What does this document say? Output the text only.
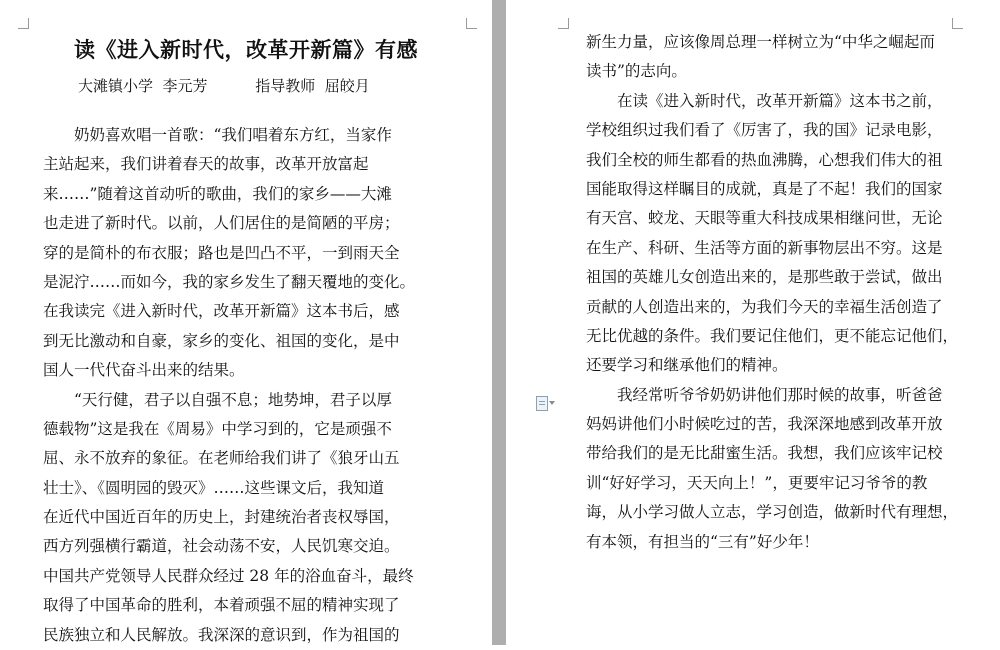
读《进入新时代，改革开新篇》有感
大滩镇小学  李元芳          指导教师  屈皎月
奶奶喜欢唱一首歌：“我们唱着东方红，当家作
主站起来，我们讲着春天的故事，改革开放富起
来……”随着这首动听的歌曲，我们的家乡——大滩
也走进了新时代。以前，人们居住的是简陋的平房；
穿的是简朴的布衣服；路也是凹凸不平，一到雨天全
是泥泞……而如今，我的家乡发生了翻天覆地的变化。
在我读完《进入新时代，改革开新篇》这本书后，感
到无比激动和自豪，家乡的变化、祖国的变化，是中
国人一代代奋斗出来的结果。
“天行健，君子以自强不息；地势坤，君子以厚
德载物”这是我在《周易》中学习到的，它是顽强不
屈、永不放弃的象征。在老师给我们讲了《狼牙山五
壮士》、《圆明园的毁灭》……这些课文后，我知道
在近代中国近百年的历史上，封建统治者丧权辱国，
西方列强横行霸道，社会动荡不安，人民饥寒交迫。
中国共产党领导人民群众经过 28 年的浴血奋斗，最终
取得了中国革命的胜利，本着顽强不屈的精神实现了
民族独立和人民解放。我深深的意识到，作为祖国的
新生力量，应该像周总理一样树立为“中华之崛起而
读书”的志向。
在读《进入新时代，改革开新篇》这本书之前，
学校组织过我们看了《厉害了，我的国》记录电影，
我们全校的师生都看的热血沸腾，心想我们伟大的祖
国能取得这样瞩目的成就，真是了不起！我们的国家
有天宫、蛟龙、天眼等重大科技成果相继问世，无论
在生产、科研、生活等方面的新事物层出不穷。这是
祖国的英雄儿女创造出来的，是那些敢于尝试，做出
贡献的人创造出来的，为我们今天的幸福生活创造了
无比优越的条件。我们要记住他们，更不能忘记他们，
还要学习和继承他们的精神。
我经常听爷爷奶奶讲他们那时候的故事，听爸爸
妈妈讲他们小时候吃过的苦，我深深地感到改革开放
带给我们的是无比甜蜜生活。我想，我们应该牢记校
训“好好学习，天天向上！”，更要牢记习爷爷的教
诲，从小学习做人立志，学习创造，做新时代有理想，
有本领，有担当的“三有”好少年！
